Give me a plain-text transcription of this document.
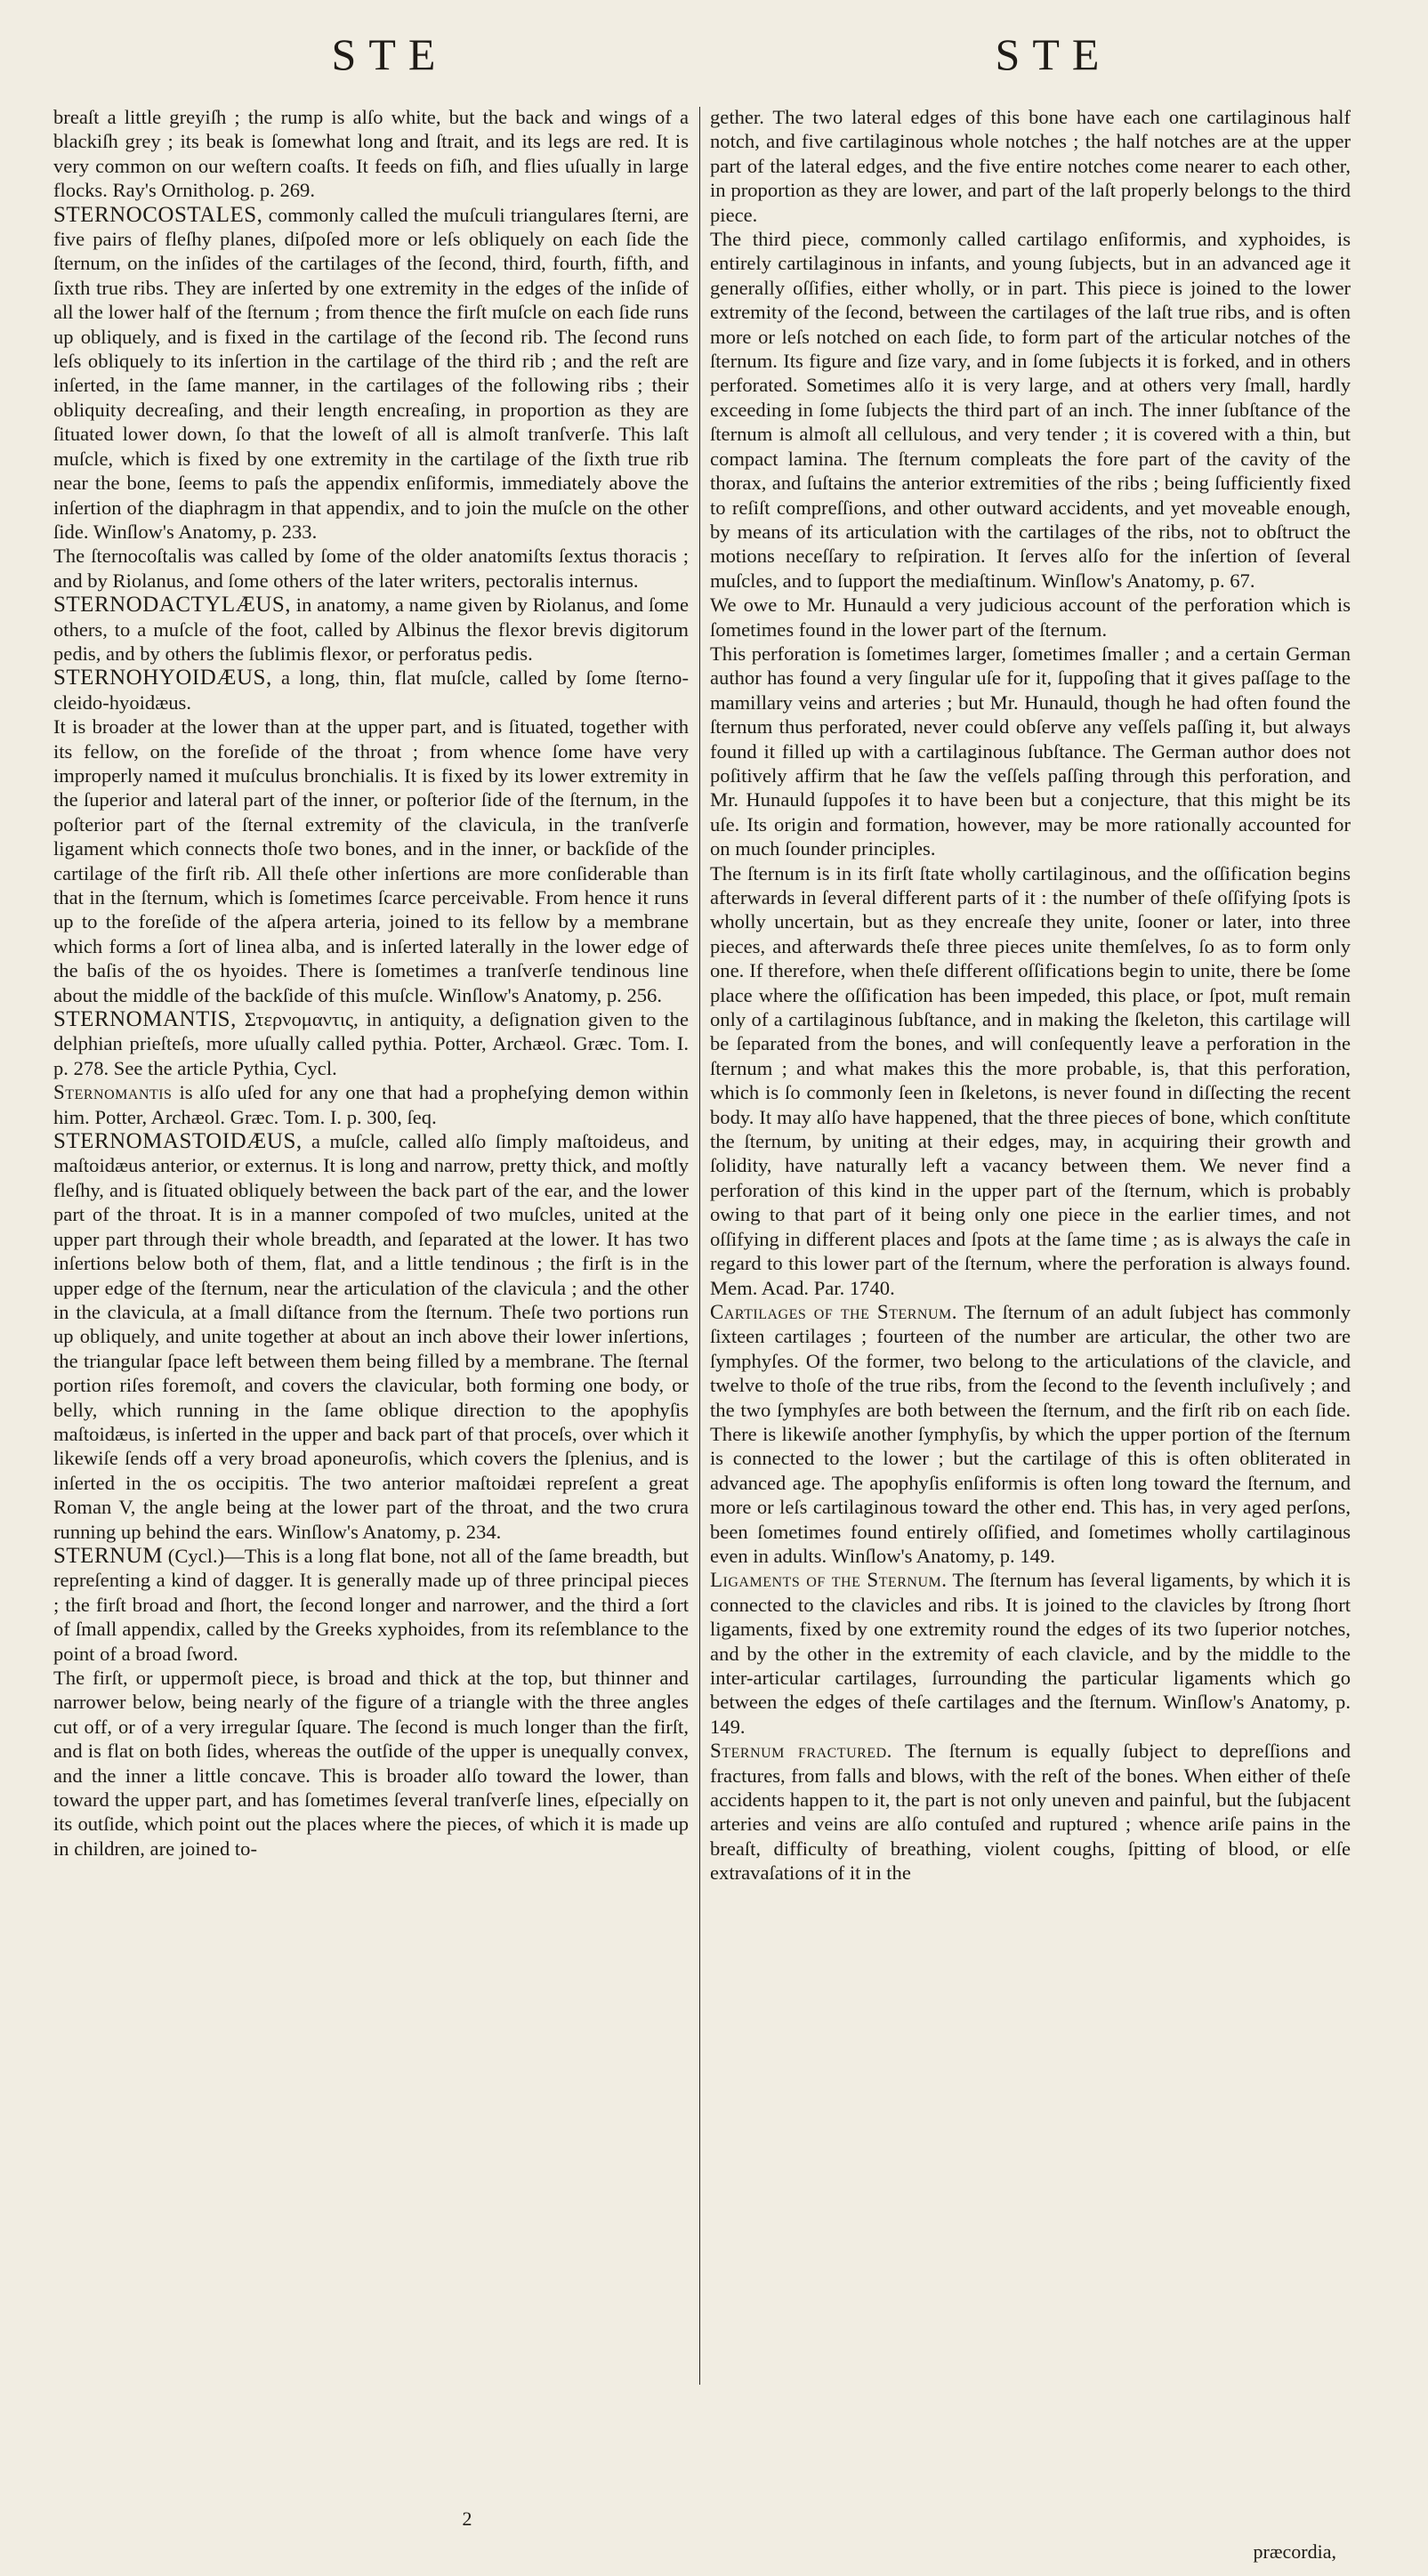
STE	STE

breaſt a little greyiſh ; the rump is alſo white, but the back and wings of a blackiſh grey ; its beak is ſomewhat long and ſtrait, and its legs are red. It is very common on our weſtern coaſts. It feeds on fiſh, and flies uſually in large flocks. Ray's Ornitholog. p. 269.

STERNOCOSTALES, commonly called the muſculi triangulares ſterni, are five pairs of fleſhy planes, diſpoſed more or leſs obliquely on each ſide the ſternum, on the inſides of the cartilages of the ſecond, third, fourth, fifth, and ſixth true ribs. They are inſerted by one extremity in the edges of the inſide of all the lower half of the ſternum ; from thence the firſt muſcle on each ſide runs up obliquely, and is fixed in the cartilage of the ſecond rib. The ſecond runs leſs obliquely to its inſertion in the cartilage of the third rib ; and the reſt are inſerted, in the ſame manner, in the cartilages of the following ribs ; their obliquity decreaſing, and their length encreaſing, in proportion as they are ſituated lower down, ſo that the loweſt of all is almoſt tranſverſe. This laſt muſcle, which is fixed by one extremity in the cartilage of the ſixth true rib near the bone, ſeems to paſs the appendix enſiformis, immediately above the inſertion of the diaphragm in that appendix, and to join the muſcle on the other ſide. Winſlow's Anatomy, p. 233.

The ſternocoſtalis was called by ſome of the older anatomiſts ſextus thoracis ; and by Riolanus, and ſome others of the later writers, pectoralis internus.

STERNODACTYLÆUS, in anatomy, a name given by Riolanus, and ſome others, to a muſcle of the foot, called by Albinus the flexor brevis digitorum pedis, and by others the ſublimis flexor, or perforatus pedis.

STERNOHYOIDÆUS, a long, thin, flat muſcle, called by ſome ſterno-cleido-hyoidæus.

It is broader at the lower than at the upper part, and is ſituated, together with its fellow, on the foreſide of the throat ; from whence ſome have very improperly named it muſculus bronchialis. It is fixed by its lower extremity in the ſuperior and lateral part of the inner, or poſterior ſide of the ſternum, in the poſterior part of the ſternal extremity of the clavicula, in the tranſverſe ligament which connects thoſe two bones, and in the inner, or backſide of the cartilage of the firſt rib. All theſe other inſertions are more conſiderable than that in the ſternum, which is ſometimes ſcarce perceivable. From hence it runs up to the foreſide of the aſpera arteria, joined to its fellow by a membrane which forms a ſort of linea alba, and is inſerted laterally in the lower edge of the baſis of the os hyoides. There is ſometimes a tranſverſe tendinous line about the middle of the backſide of this muſcle. Winſlow's Anatomy, p. 256.

STERNOMANTIS, Στερνομαντις, in antiquity, a deſignation given to the delphian prieſteſs, more uſually called pythia. Potter, Archæol. Græc. Tom. I. p. 278. See the article Pythia, Cycl.

Sternomantis is alſo uſed for any one that had a propheſying demon within him. Potter, Archæol. Græc. Tom. I. p. 300, ſeq.

STERNOMASTOIDÆUS, a muſcle, called alſo ſimply maſtoideus, and maſtoidæus anterior, or externus. It is long and narrow, pretty thick, and moſtly fleſhy, and is ſituated obliquely between the back part of the ear, and the lower part of the throat. It is in a manner compoſed of two muſcles, united at the upper part through their whole breadth, and ſeparated at the lower. It has two inſertions below both of them, flat, and a little tendinous ; the firſt is in the upper edge of the ſternum, near the articulation of the clavicula ; and the other in the clavicula, at a ſmall diſtance from the ſternum. Theſe two portions run up obliquely, and unite together at about an inch above their lower inſertions, the triangular ſpace left between them being filled by a membrane. The ſternal portion riſes foremoſt, and covers the clavicular, both forming one body, or belly, which running in the ſame oblique direction to the apophyſis maſtoidæus, is inſerted in the upper and back part of that proceſs, over which it likewiſe ſends off a very broad aponeuroſis, which covers the ſplenius, and is inſerted in the os occipitis. The two anterior maſtoidæi repreſent a great Roman V, the angle being at the lower part of the throat, and the two crura running up behind the ears. Winſlow's Anatomy, p. 234.

STERNUM (Cycl.)—This is a long flat bone, not all of the ſame breadth, but repreſenting a kind of dagger. It is generally made up of three principal pieces ; the firſt broad and ſhort, the ſecond longer and narrower, and the third a ſort of ſmall appendix, called by the Greeks xyphoides, from its reſemblance to the point of a broad ſword.

The firſt, or uppermoſt piece, is broad and thick at the top, but thinner and narrower below, being nearly of the figure of a triangle with the three angles cut off, or of a very irregular ſquare. The ſecond is much longer than the firſt, and is flat on both ſides, whereas the outſide of the upper is unequally convex, and the inner a little concave. This is broader alſo toward the lower, than toward the upper part, and has ſometimes ſeveral tranſverſe lines, eſpecially on its outſide, which point out the places where the pieces, of which it is made up in children, are joined to-

gether. The two lateral edges of this bone have each one cartilaginous half notch, and five cartilaginous whole notches ; the half notches are at the upper part of the lateral edges, and the five entire notches come nearer to each other, in proportion as they are lower, and part of the laſt properly belongs to the third piece.

The third piece, commonly called cartilago enſiformis, and xyphoides, is entirely cartilaginous in infants, and young ſubjects, but in an advanced age it generally oſſifies, either wholly, or in part. This piece is joined to the lower extremity of the ſecond, between the cartilages of the laſt true ribs, and is often more or leſs notched on each ſide, to form part of the articular notches of the ſternum. Its figure and ſize vary, and in ſome ſubjects it is forked, and in others perforated. Sometimes alſo it is very large, and at others very ſmall, hardly exceeding in ſome ſubjects the third part of an inch. The inner ſubſtance of the ſternum is almoſt all cellulous, and very tender ; it is covered with a thin, but compact lamina. The ſternum compleats the fore part of the cavity of the thorax, and ſuſtains the anterior extremities of the ribs ; being ſufficiently fixed to reſiſt compreſſions, and other outward accidents, and yet moveable enough, by means of its articulation with the cartilages of the ribs, not to obſtruct the motions neceſſary to reſpiration. It ſerves alſo for the inſertion of ſeveral muſcles, and to ſupport the mediaſtinum. Winſlow's Anatomy, p. 67.

We owe to Mr. Hunauld a very judicious account of the perforation which is ſometimes found in the lower part of the ſternum.

This perforation is ſometimes larger, ſometimes ſmaller ; and a certain German author has found a very ſingular uſe for it, ſuppoſing that it gives paſſage to the mamillary veins and arteries ; but Mr. Hunauld, though he had often found the ſternum thus perforated, never could obſerve any veſſels paſſing it, but always found it filled up with a cartilaginous ſubſtance. The German author does not poſitively affirm that he ſaw the veſſels paſſing through this perforation, and Mr. Hunauld ſuppoſes it to have been but a conjecture, that this might be its uſe. Its origin and formation, however, may be more rationally accounted for on much ſounder principles.

The ſternum is in its firſt ſtate wholly cartilaginous, and the oſſification begins afterwards in ſeveral different parts of it : the number of theſe oſſifying ſpots is wholly uncertain, but as they encreaſe they unite, ſooner or later, into three pieces, and afterwards theſe three pieces unite themſelves, ſo as to form only one. If therefore, when theſe different oſſifications begin to unite, there be ſome place where the oſſification has been impeded, this place, or ſpot, muſt remain only of a cartilaginous ſubſtance, and in making the ſkeleton, this cartilage will be ſeparated from the bones, and will conſequently leave a perforation in the ſternum ; and what makes this the more probable, is, that this perforation, which is ſo commonly ſeen in ſkeletons, is never found in diſſecting the recent body. It may alſo have happened, that the three pieces of bone, which conſtitute the ſternum, by uniting at their edges, may, in acquiring their growth and ſolidity, have naturally left a vacancy between them. We never find a perforation of this kind in the upper part of the ſternum, which is probably owing to that part of it being only one piece in the earlier times, and not oſſifying in different places and ſpots at the ſame time ; as is always the caſe in regard to this lower part of the ſternum, where the perforation is always found. Mem. Acad. Par. 1740.

Cartilages of the Sternum. The ſternum of an adult ſubject has commonly ſixteen cartilages ; fourteen of the number are articular, the other two are ſymphyſes. Of the former, two belong to the articulations of the clavicle, and twelve to thoſe of the true ribs, from the ſecond to the ſeventh incluſively ; and the two ſymphyſes are both between the ſternum, and the firſt rib on each ſide. There is likewiſe another ſymphyſis, by which the upper portion of the ſternum is connected to the lower ; but the cartilage of this is often obliterated in advanced age. The apophyſis enſiformis is often long toward the ſternum, and more or leſs cartilaginous toward the other end. This has, in very aged perſons, been ſometimes found entirely oſſified, and ſometimes wholly cartilaginous even in adults. Winſlow's Anatomy, p. 149.

Ligaments of the Sternum. The ſternum has ſeveral ligaments, by which it is connected to the clavicles and ribs. It is joined to the clavicles by ſtrong ſhort ligaments, fixed by one extremity round the edges of its two ſuperior notches, and by the other in the extremity of each clavicle, and by the middle to the inter-articular cartilages, ſurrounding the particular ligaments which go between the edges of theſe cartilages and the ſternum. Winſlow's Anatomy, p. 149.

Sternum fractured. The ſternum is equally ſubject to depreſſions and fractures, from falls and blows, with the reſt of the bones. When either of theſe accidents happen to it, the part is not only uneven and painful, but the ſubjacent arteries and veins are alſo contuſed and ruptured ; whence ariſe pains in the breaſt, difficulty of breathing, violent coughs, ſpitting of blood, or elſe extravaſations of it in the

2
præcordia,
